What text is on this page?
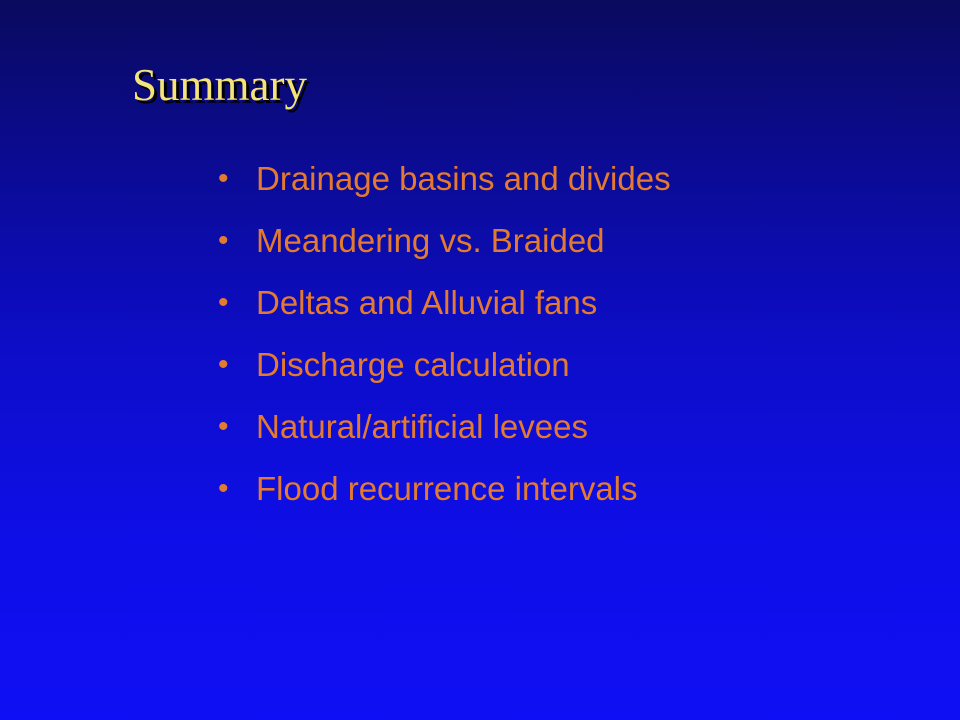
Summary
• Drainage basins and divides
• Meandering vs. Braided
• Deltas and Alluvial fans
• Discharge calculation
• Natural/artificial levees
• Flood recurrence intervals
